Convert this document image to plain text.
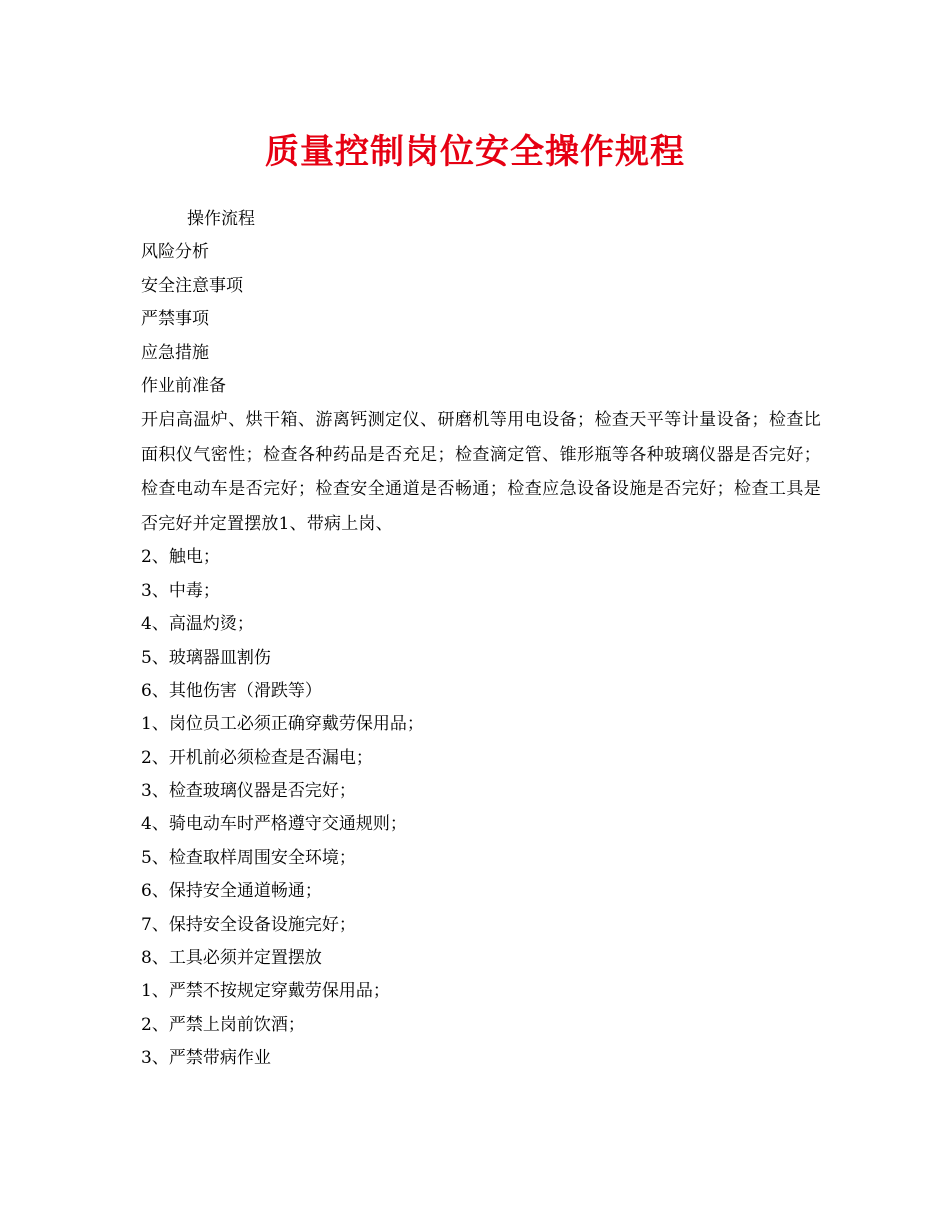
质量控制岗位安全操作规程
操作流程
风险分析
安全注意事项
严禁事项
应急措施
作业前准备
开启高温炉、烘干箱、游离钙测定仪、研磨机等用电设备；检查天平等计量设备；检查比面积仪气密性；检查各种药品是否充足；检查滴定管、锥形瓶等各种玻璃仪器是否完好；检查电动车是否完好；检查安全通道是否畅通；检查应急设备设施是否完好；检查工具是否完好并定置摆放1、带病上岗、
2、触电；
3、中毒；
4、高温灼烫；
5、玻璃器皿割伤
6、其他伤害（滑跌等）
1、岗位员工必须正确穿戴劳保用品；
2、开机前必须检查是否漏电；
3、检查玻璃仪器是否完好；
4、骑电动车时严格遵守交通规则；
5、检查取样周围安全环境；
6、保持安全通道畅通；
7、保持安全设备设施完好；
8、工具必须并定置摆放
1、严禁不按规定穿戴劳保用品；
2、严禁上岗前饮酒；
3、严禁带病作业
